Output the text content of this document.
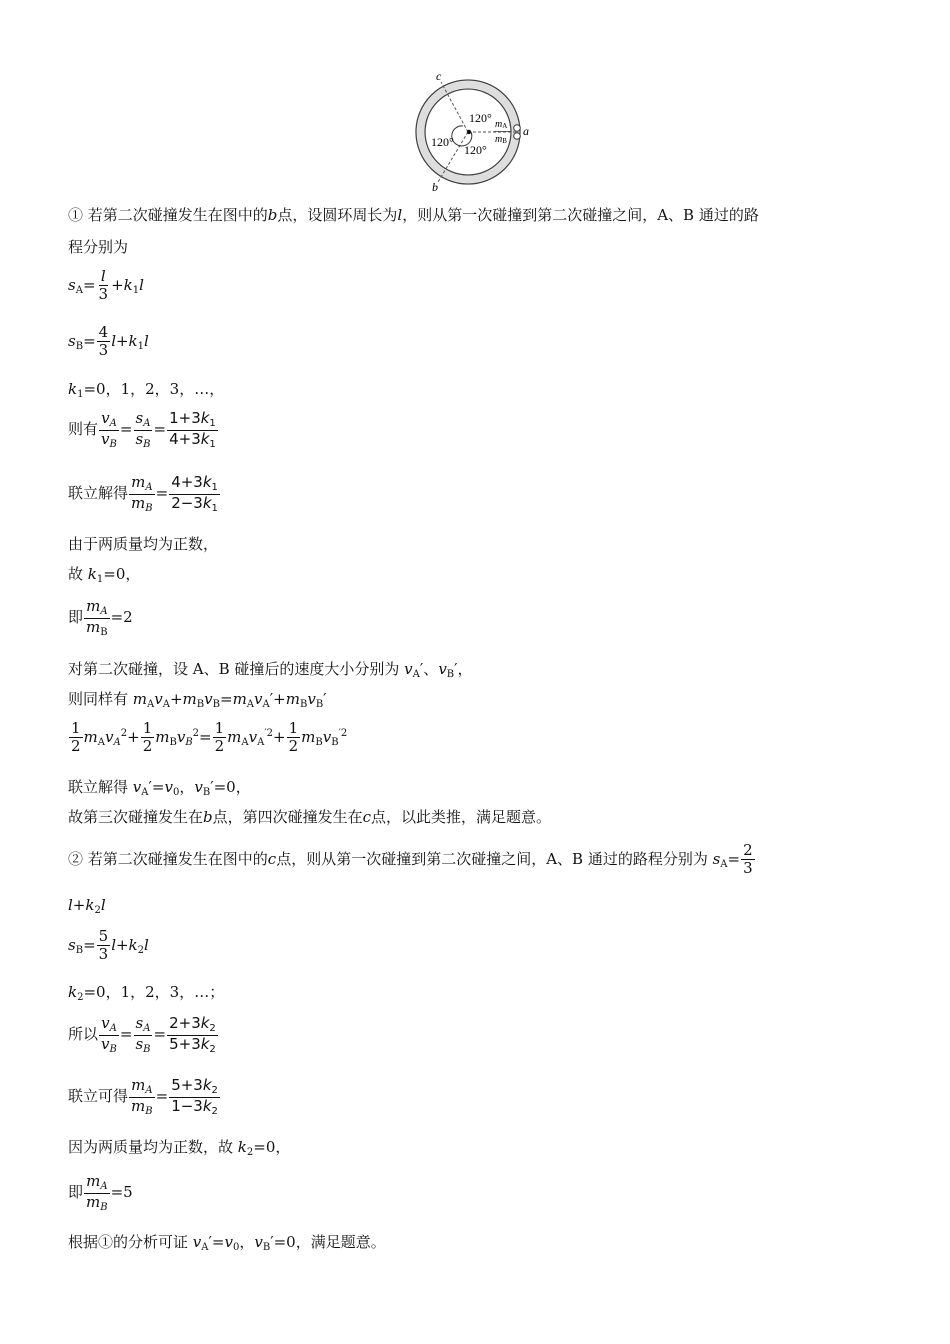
c
b
a
120°
120°
120°
mA
mB
① 若第二次碰撞发生在图中的b点，设圆环周长为l，则从第一次碰撞到第二次碰撞之间，A、B 通过的路
程分别为
$s_A= \frac{l}{3} +k_1l$
$s_B= \frac{4}{3} l+k_1l$
$k_1=0$，1，2，3，…，
则有 $\frac{v_A}{v_B} = \frac{s_A}{s_B} = \frac{1+3k_1}{4+3k_1}$
联立解得 $\frac{m_A}{m_B} = \frac{4+3k_1}{2-3k_1}$
由于两质量均为正数，
故 $k_1=0$，
即 $\frac{m_A}{m_B} =2$
对第二次碰撞，设 A、B 碰撞后的速度大小分别为 $v_A'$、$v_B'$，
则同样有 $m_Av_A+m_Bv_B=m_Av_A'+m_Bv_B'$
$\frac{1}{2} m_Av_A^2+ \frac{1}{2} m_Bv_B^2= \frac{1}{2} m_Av_A^{'2}+ \frac{1}{2} m_Bv_B^{'2}$
联立解得 $v_A'=v_0$，$v_B'=0$，
故第三次碰撞发生在b点，第四次碰撞发生在c点，以此类推，满足题意。
② 若第二次碰撞发生在图中的c点，则从第一次碰撞到第二次碰撞之间，A、B 通过的路程分别为 $s_A= \frac{2}{3}$
$l+k_2l$
$s_B= \frac{5}{3} l+k_2l$
$k_2=0$，1，2，3，…；
所以 $\frac{v_A}{v_B} = \frac{s_A}{s_B} = \frac{2+3k_2}{5+3k_2}$
联立可得 $\frac{m_A}{m_B} = \frac{5+3k_2}{1-3k_2}$
因为两质量均为正数，故 $k_2=0$，
即 $\frac{m_A}{m_B} =5$
根据①的分析可证 $v_A'=v_0$，$v_B'=0$，满足题意。
